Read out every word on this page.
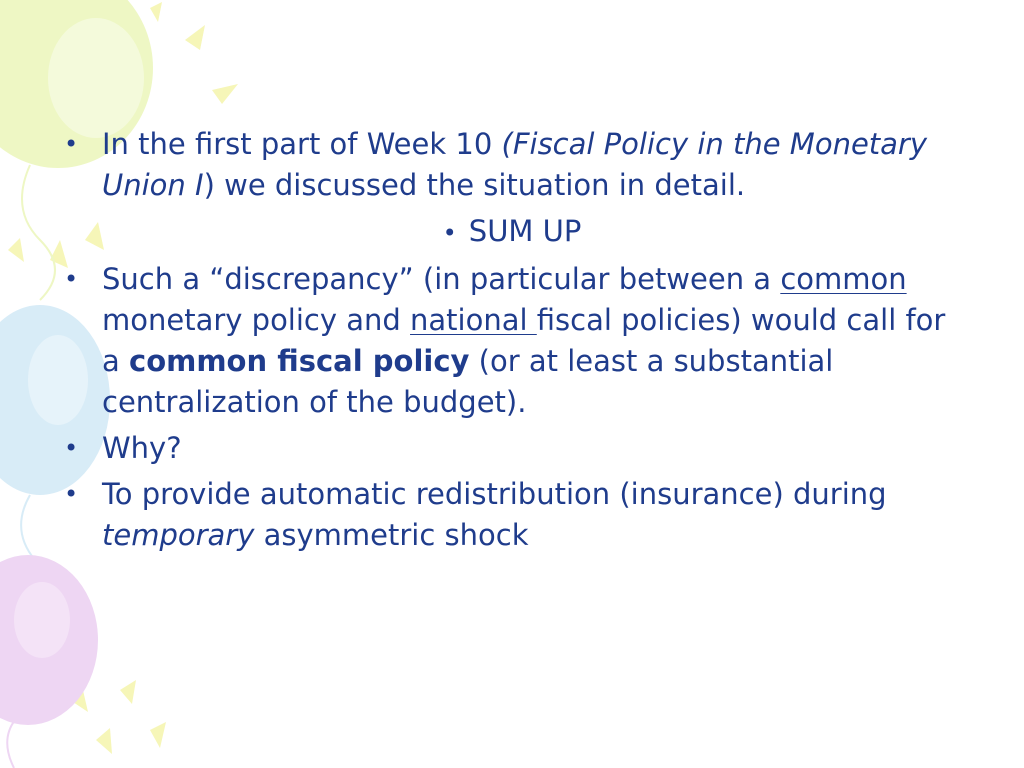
• In the first part of Week 10 (Fiscal Policy in the Monetary Union I) we discussed the situation in detail.

• SUM UP

• Such a “discrepancy” (in particular between a common monetary policy and national fiscal policies) would call for a common fiscal policy (or at least a substantial centralization of the budget).

• Why?

• To provide automatic redistribution (insurance) during temporary asymmetric shock
